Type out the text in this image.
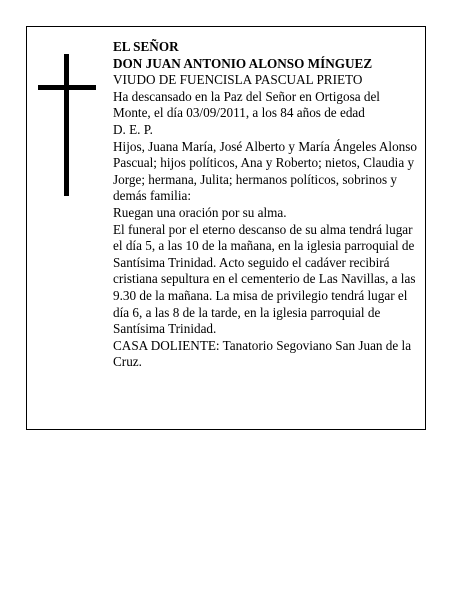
EL SEÑOR
DON JUAN ANTONIO ALONSO MÍNGUEZ

VIUDO DE FUENCISLA PASCUAL PRIETO

Ha descansado en la Paz del Señor en Ortigosa del Monte, el día 03/09/2011, a los 84 años de edad

D. E. P.

Hijos, Juana María, José Alberto y María Ángeles Alonso Pascual; hijos políticos, Ana y Roberto; nietos, Claudia y Jorge; hermana, Julita; hermanos políticos, sobrinos y demás familia:

Ruegan una oración por su alma.

El funeral por el eterno descanso de su alma tendrá lugar el día 5, a las 10 de la mañana, en la iglesia parroquial de Santísima Trinidad. Acto seguido el cadáver recibirá cristiana sepultura en el cementerio de Las Navillas, a las 9.30 de la mañana. La misa de privilegio tendrá lugar el día 6, a las 8 de la tarde, en la iglesia parroquial de Santísima Trinidad.

CASA DOLIENTE: Tanatorio Segoviano San Juan de la Cruz.
